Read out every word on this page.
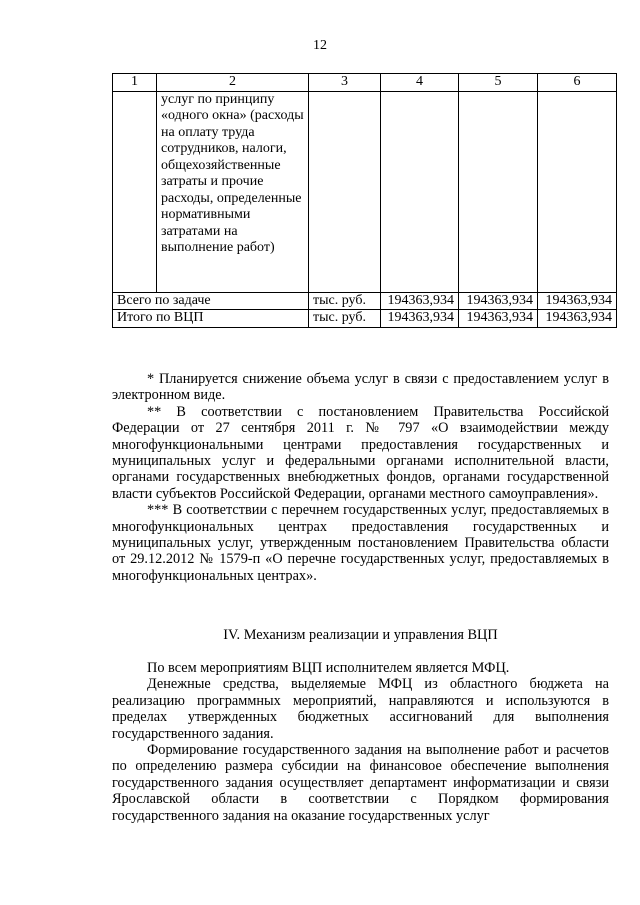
12
1	2	3	4	5	6
	услуг по принципу «одного окна» (расходы на оплату труда сотрудников, налоги, общехозяйственные затраты и прочие расходы, определенные нормативными затратами на выполнение работ)				
Всего по задаче		тыс. руб.	194363,934	194363,934	194363,934
Итого по ВЦП		тыс. руб.	194363,934	194363,934	194363,934

* Планируется снижение объема услуг в связи с предоставлением услуг в электронном виде.

** В соответствии с постановлением Правительства Российской Федерации от 27 сентября 2011 г. № 797 «О взаимодействии между многофункциональными центрами предоставления государственных и муниципальных услуг и федеральными органами исполнительной власти, органами государственных внебюджетных фондов, органами государственной власти субъектов Российской Федерации, органами местного самоуправления».

*** В соответствии с перечнем государственных услуг, предоставляемых в многофункциональных центрах предоставления государственных и муниципальных услуг, утвержденным постановлением Правительства области от 29.12.2012 № 1579-п «О перечне государственных услуг, предоставляемых в многофункциональных центрах».

IV. Механизм реализации и управления ВЦП

По всем мероприятиям ВЦП исполнителем является МФЦ.

Денежные средства, выделяемые МФЦ из областного бюджета на реализацию программных мероприятий, направляются и используются в пределах утвержденных бюджетных ассигнований для выполнения государственного задания.

Формирование государственного задания на выполнение работ и расчетов по определению размера субсидии на финансовое обеспечение выполнения государственного задания осуществляет департамент информатизации и связи Ярославской области в соответствии с Порядком формирования государственного задания на оказание государственных услуг
